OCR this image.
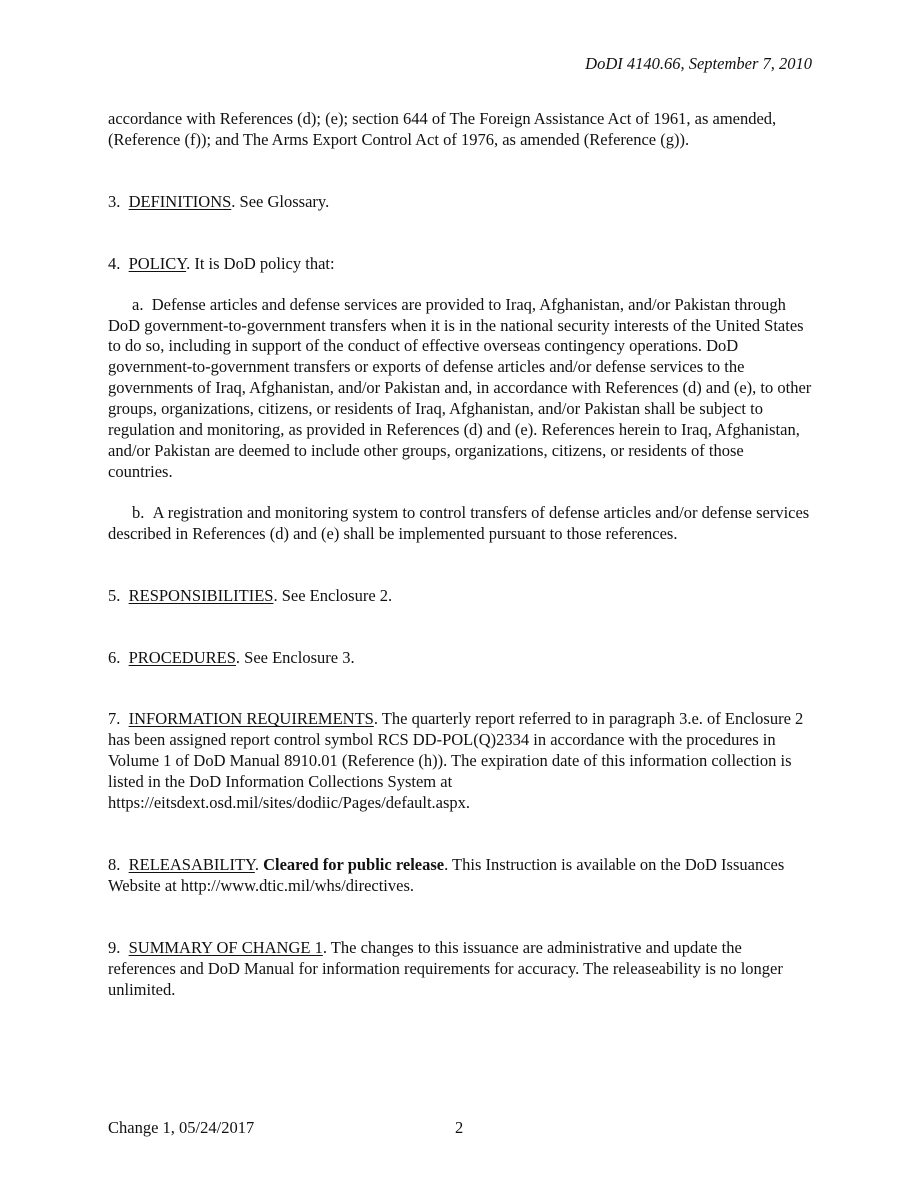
DoDI 4140.66, September 7, 2010

accordance with References (d); (e); section 644 of The Foreign Assistance Act of 1961, as amended, (Reference (f)); and The Arms Export Control Act of 1976, as amended (Reference (g)).

3. DEFINITIONS. See Glossary.

4. POLICY. It is DoD policy that:

a. Defense articles and defense services are provided to Iraq, Afghanistan, and/or Pakistan through DoD government-to-government transfers when it is in the national security interests of the United States to do so, including in support of the conduct of effective overseas contingency operations. DoD government-to-government transfers or exports of defense articles and/or defense services to the governments of Iraq, Afghanistan, and/or Pakistan and, in accordance with References (d) and (e), to other groups, organizations, citizens, or residents of Iraq, Afghanistan, and/or Pakistan shall be subject to regulation and monitoring, as provided in References (d) and (e). References herein to Iraq, Afghanistan, and/or Pakistan are deemed to include other groups, organizations, citizens, or residents of those countries.

b. A registration and monitoring system to control transfers of defense articles and/or defense services described in References (d) and (e) shall be implemented pursuant to those references.

5. RESPONSIBILITIES. See Enclosure 2.

6. PROCEDURES. See Enclosure 3.

7. INFORMATION REQUIREMENTS. The quarterly report referred to in paragraph 3.e. of Enclosure 2 has been assigned report control symbol RCS DD-POL(Q)2334 in accordance with the procedures in Volume 1 of DoD Manual 8910.01 (Reference (h)). The expiration date of this information collection is listed in the DoD Information Collections System at https://eitsdext.osd.mil/sites/dodiic/Pages/default.aspx.

8. RELEASABILITY. Cleared for public release. This Instruction is available on the DoD Issuances Website at http://www.dtic.mil/whs/directives.

9. SUMMARY OF CHANGE 1. The changes to this issuance are administrative and update the references and DoD Manual for information requirements for accuracy. The releaseability is no longer unlimited.

Change 1, 05/24/2017	2
